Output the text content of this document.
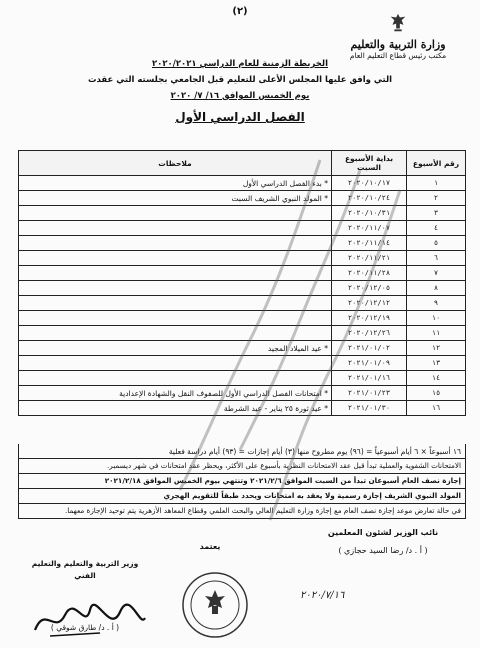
(٢)
وزارة التربية والتعليم
مكتب رئيس قطاع التعليم العام
الخريطة الزمنية للعام الدراسي ٢٠٢٠/٢٠٢١
التي وافق عليها المجلس الأعلى للتعليم قبل الجامعي بجلسته التي عقدت
يوم الخميس الموافق ١٦/ ٧/ ٢٠٢٠
الفصل الدراسي الأول
رقم الأسبوع	بداية الأسبوع السبت	ملاحظات
١	٢٠٢٠/١٠/١٧	* بدء الفصل الدراسي الأول
٢	٢٠٢٠/١٠/٢٤	* المولد النبوي الشريف السبت
٣	٢٠٢٠/١٠/٣١	
٤	٢٠٢٠/١١/٠٧	
٥	٢٠٢٠/١١/١٤	
٦	٢٠٢٠/١١/٢١	
٧	٢٠٢٠/١١/٢٨	
٨	٢٠٢٠/١٢/٠٥	
٩	٢٠٢٠/١٢/١٢	
١٠	٢٠٢٠/١٢/١٩	
١١	٢٠٢٠/١٢/٢٦	
١٢	٢٠٢١/٠١/٠٢	* عيد الميلاد المجيد
١٣	٢٠٢١/٠١/٠٩	
١٤	٢٠٢١/٠١/١٦	
١٥	٢٠٢١/٠١/٢٣	* امتحانات الفصل الدراسي الأول للصفوف النقل والشهادة الإعدادية
١٦	٢٠٢١/٠١/٣٠	* عيد ثورة ٢٥ يناير - عيد الشرطة
١٦ أسبوعاً × ٦ أيام أسبوعياً = (٩٦) يوم مطروح منها (٣) أيام إجازات = (٩٣) أيام دراسة فعلية
الامتحانات الشفوية والعملية تبدأ قبل عقد الامتحانات النظرية بأسبوع على الأكثر، ويحظر عقد امتحانات في شهر ديسمبر.
إجازة نصف العام أسبوعان تبدأ من السبت الموافق ٢٠٢١/٢/٦ وتنتهي بيوم الخميس الموافق ٢٠٢١/٢/١٨
المولد النبوي الشريف إجازة رسمية ولا يعقد به امتحانات ويحدد طبقاً للتقويم الهجري
في حالة تعارض موعد إجازة نصف العام مع إجازة وزارة التعليم العالي والبحث العلمي وقطاع المعاهد الأزهرية يتم توحيد الإجازة معهما.
نائب الوزير لشئون المعلمين
( أ . د/ رضا السيد حجازي )
يعتمد
وزير التربية والتعليم والتعليم الفني
( أ . د/ طارق شوقي )
٢٠٢٠/٧/١٦
